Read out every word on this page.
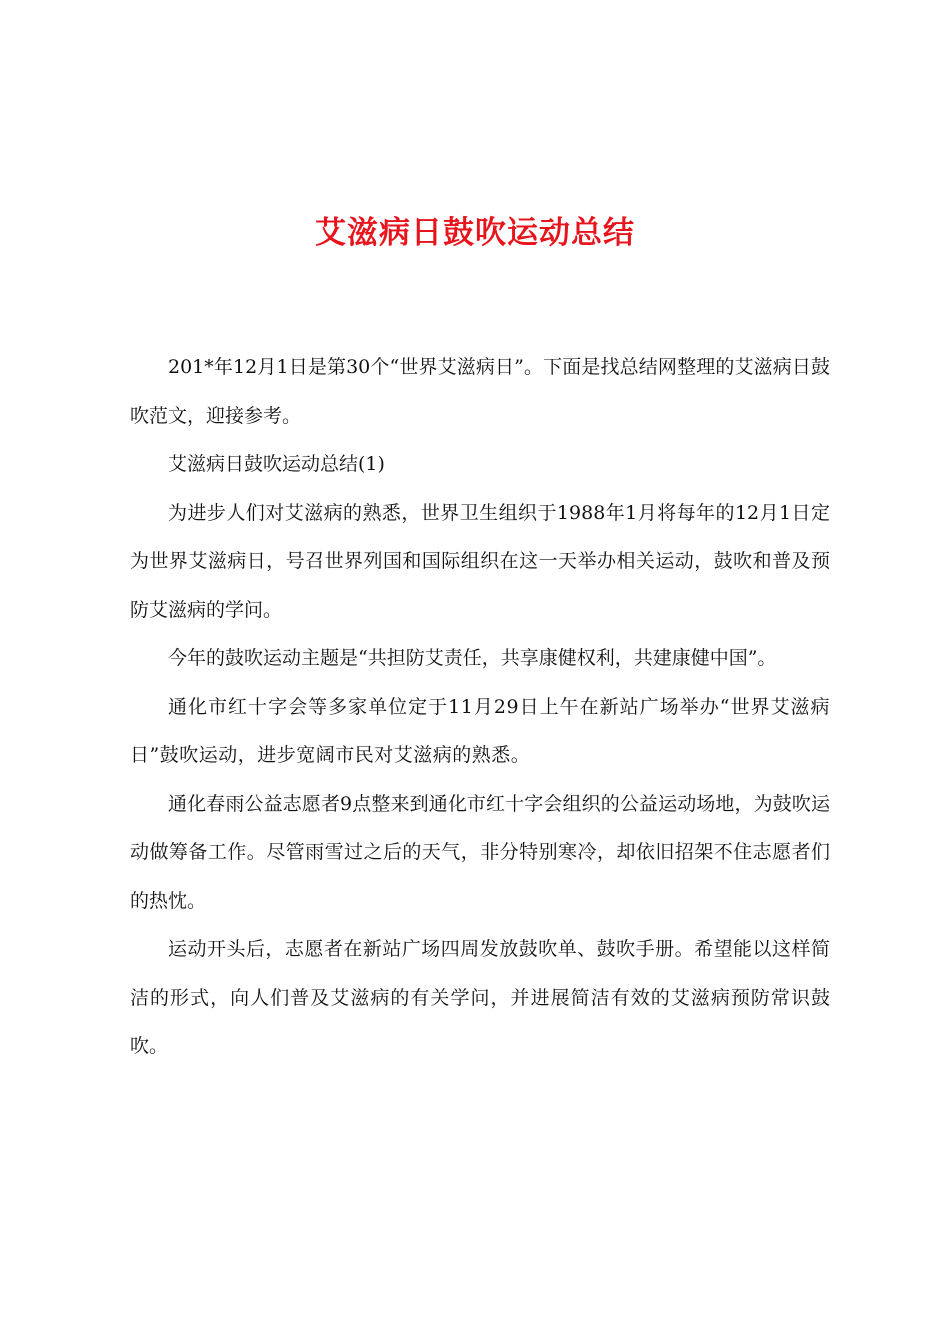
艾滋病日鼓吹运动总结

201*年12月1日是第30个“世界艾滋病日”。下面是找总结网整理的艾滋病日鼓吹范文，迎接参考。

艾滋病日鼓吹运动总结(1)

为进步人们对艾滋病的熟悉，世界卫生组织于1988年1月将每年的12月1日定为世界艾滋病日，号召世界列国和国际组织在这一天举办相关运动，鼓吹和普及预防艾滋病的学问。

今年的鼓吹运动主题是“共担防艾责任，共享康健权利，共建康健中国”。

通化市红十字会等多家单位定于11月29日上午在新站广场举办“世界艾滋病日”鼓吹运动，进步宽阔市民对艾滋病的熟悉。

通化春雨公益志愿者9点整来到通化市红十字会组织的公益运动场地，为鼓吹运动做筹备工作。尽管雨雪过之后的天气，非分特别寒冷，却依旧招架不住志愿者们的热忱。

运动开头后，志愿者在新站广场四周发放鼓吹单、鼓吹手册。希望能以这样简洁的形式，向人们普及艾滋病的有关学问，并进展简洁有效的艾滋病预防常识鼓吹。
